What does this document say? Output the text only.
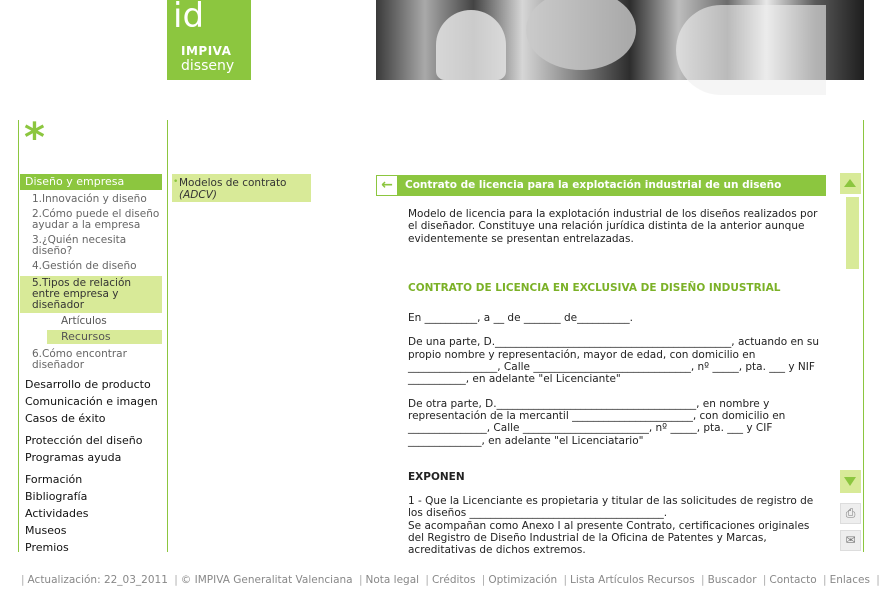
id
IMPIVA
disseny
*
Diseño y empresa
1.Innovación y diseño
2.Cómo puede el diseño ayudar a la empresa
3.¿Quién necesita diseño?
4.Gestión de diseño
5.Tipos de relación entre empresa y diseñador
Artículos
Recursos
6.Cómo encontrar diseñador
Desarrollo de producto
Comunicación e imagen
Casos de éxito
Protección del diseño
Programas ayuda
Formación
Bibliografía
Actividades
Museos
Premios
• Modelos de contrato
(ADCV)
←	Contrato de licencia para la explotación industrial de un diseño

Modelo de licencia para la explotación industrial de los diseños realizados por el diseñador. Constituye una relación jurídica distinta de la anterior aunque evidentemente se presentan entrelazadas.

CONTRATO DE LICENCIA EN EXCLUSIVA DE DISEÑO INDUSTRIAL

En __________, a __ de _______ de__________.

De una parte, D._____________________________________________, actuando en su propio nombre y representación, mayor de edad, con domicilio en _________________, Calle ______________________________, nº _____, pta. ___ y NIF ___________, en adelante "el Licenciante"

De otra parte, D.______________________________________, en nombre y representación de la mercantil _______________________, con domicilio en _______________, Calle ________________________, nº _____, pta. ___ y CIF ______________, en adelante "el Licenciatario"

EXPONEN

1 - Que la Licenciante es propietaria y titular de las solicitudes de registro de los diseños _____________________________________.

Se acompañan como Anexo I al presente Contrato, certificaciones originales del Registro de Diseño Industrial de la Oficina de Patentes y Marcas, acreditativas de dichos extremos.

⎙
✉
| Actualización: 22_03_2011 | © IMPIVA Generalitat Valenciana | Nota legal | Créditos | Optimización | Lista Artículos Recursos | Buscador | Contacto | Enlaces |
